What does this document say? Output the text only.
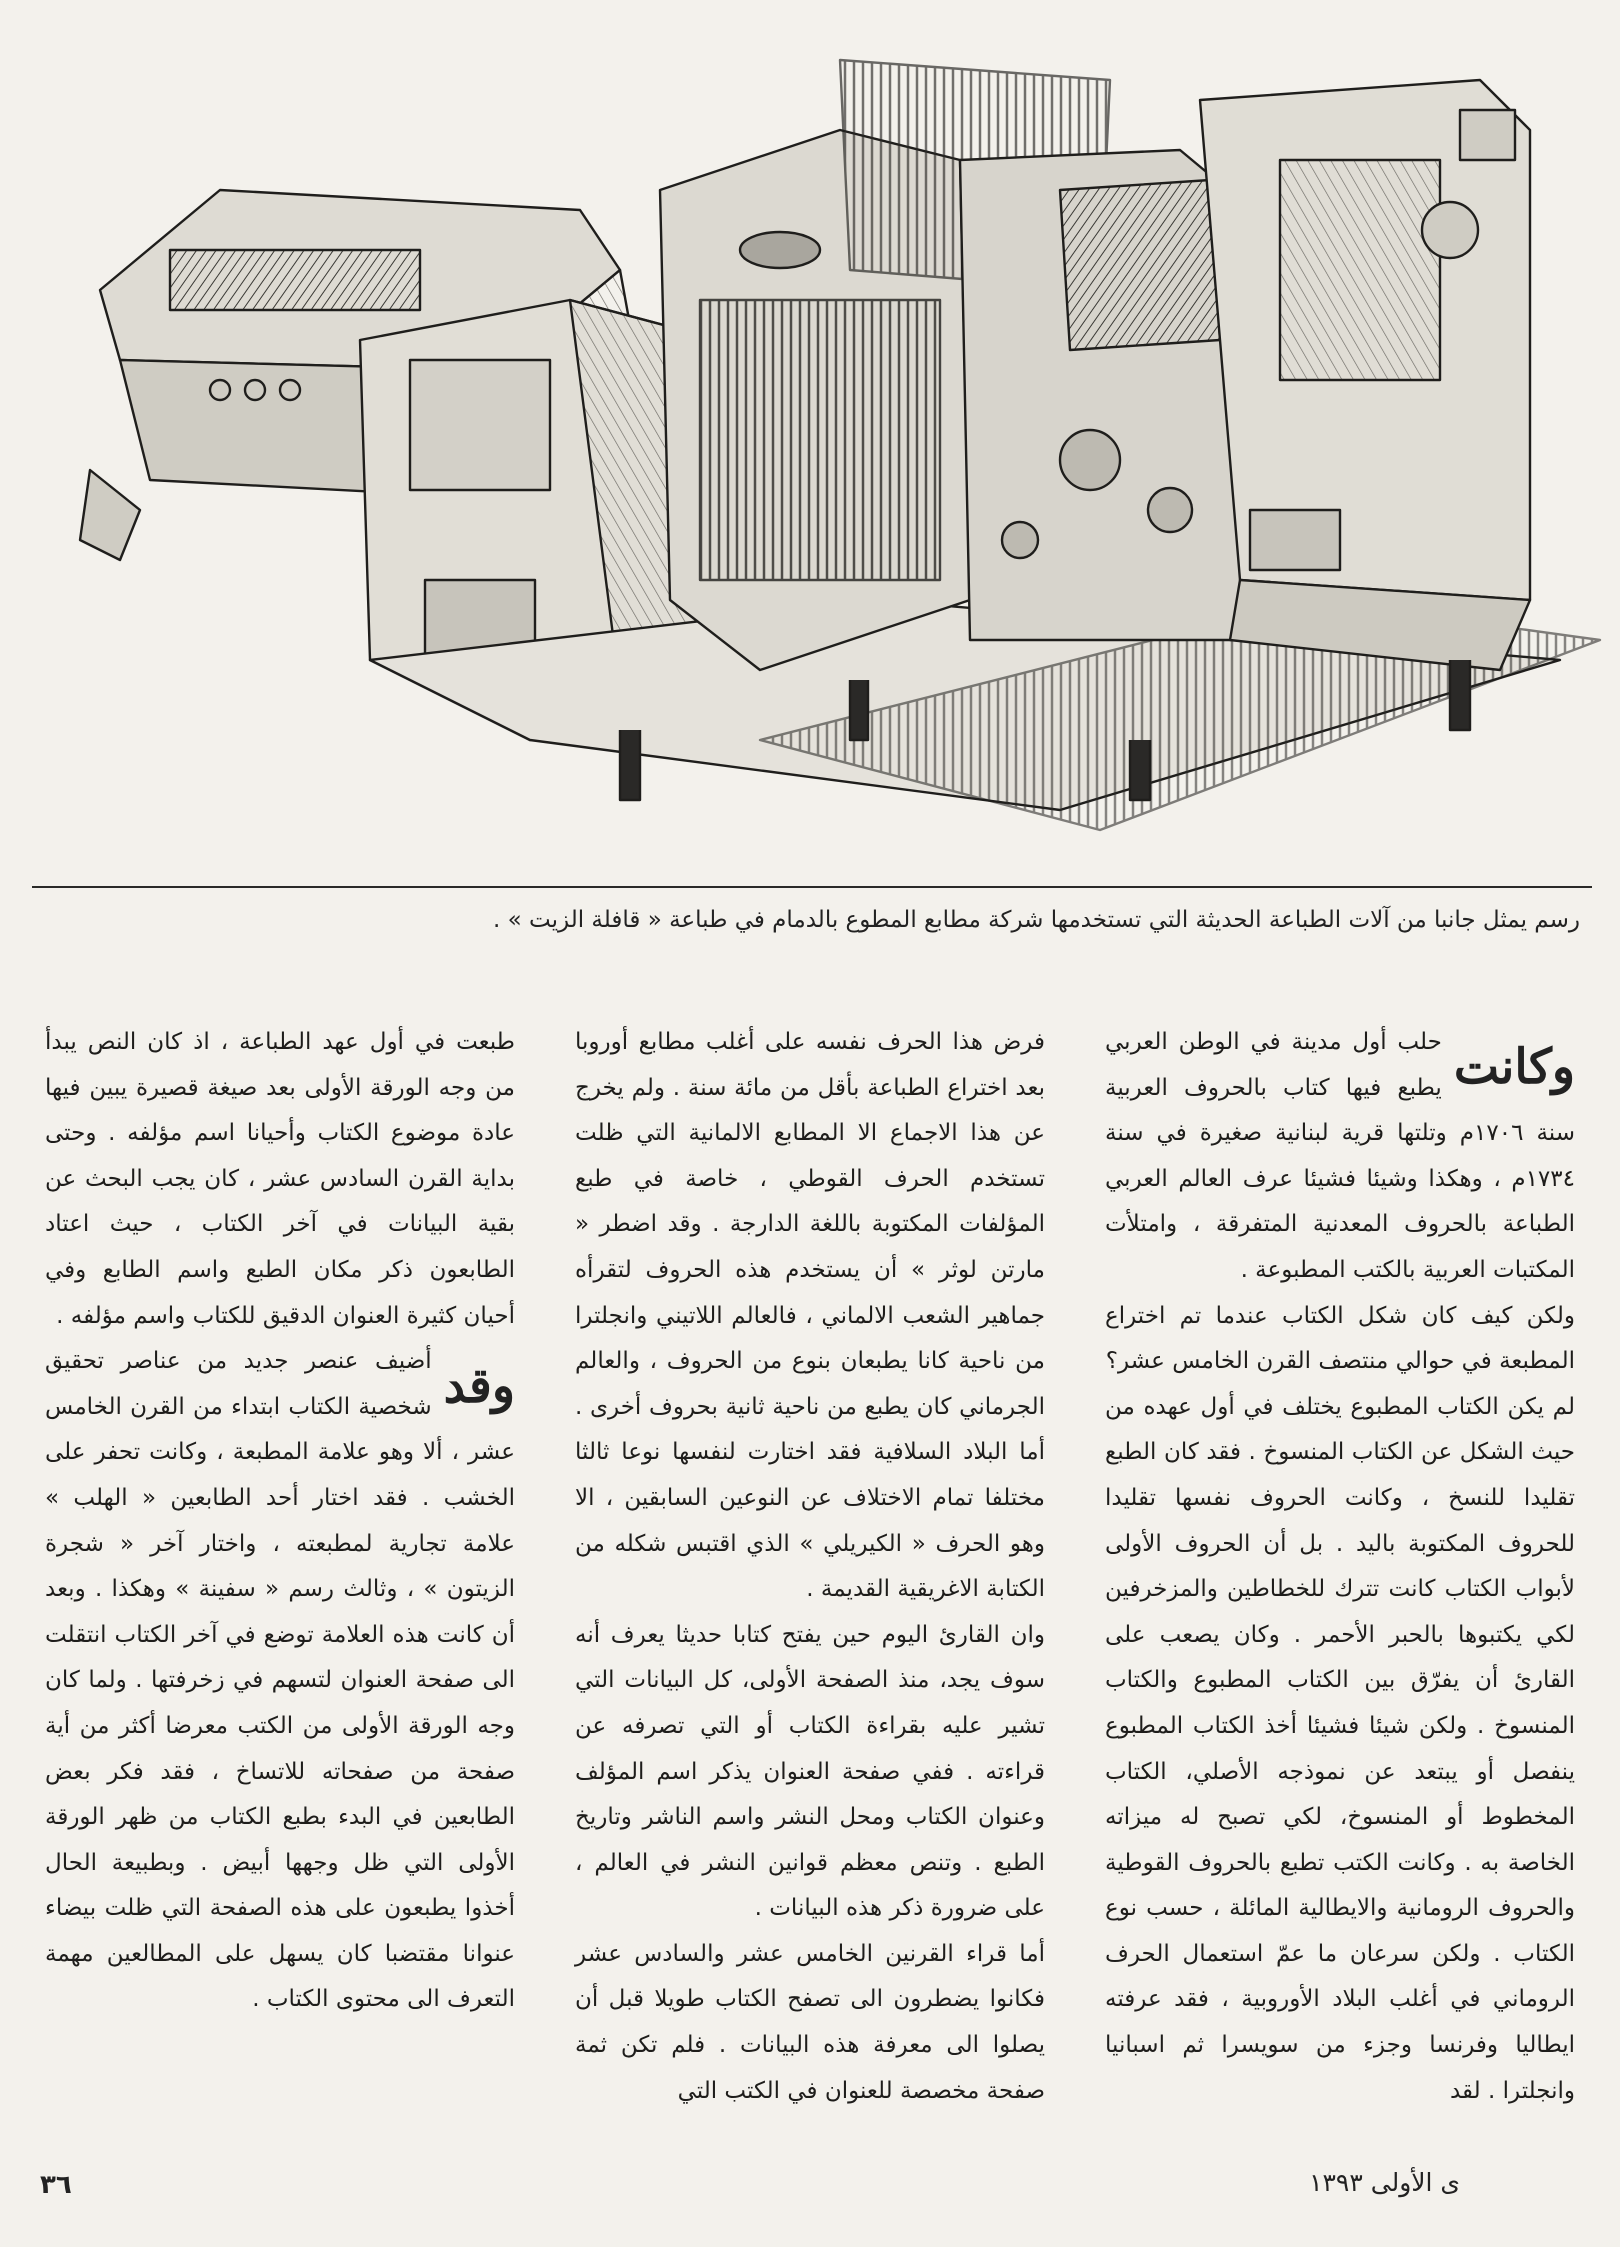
رسم يمثل جانبا من آلات الطباعة الحديثة التي تستخدمها شركة مطابع المطوع بالدمام في طباعة « قافلة الزيت » .

وكانت
حلب أول مدينة في الوطن العربي يطبع فيها كتاب بالحروف العربية سنة ١٧٠٦م وتلتها قرية لبنانية صغيرة في سنة ١٧٣٤م ، وهكذا وشيئا فشيئا عرف العالم العربي الطباعة بالحروف المعدنية المتفرقة ، وامتلأت المكتبات العربية بالكتب المطبوعة .

ولكن كيف كان شكل الكتاب عندما تم اختراع المطبعة في حوالي منتصف القرن الخامس عشر؟

لم يكن الكتاب المطبوع يختلف في أول عهده من حيث الشكل عن الكتاب المنسوخ . فقد كان الطبع تقليدا للنسخ ، وكانت الحروف نفسها تقليدا للحروف المكتوبة باليد . بل أن الحروف الأولى لأبواب الكتاب كانت تترك للخطاطين والمزخرفين لكي يكتبوها بالحبر الأحمر . وكان يصعب على القارئ أن يفرّق بين الكتاب المطبوع والكتاب المنسوخ . ولكن شيئا فشيئا أخذ الكتاب المطبوع ينفصل أو يبتعد عن نموذجه الأصلي، الكتاب المخطوط أو المنسوخ، لكي تصبح له ميزاته الخاصة به . وكانت الكتب تطبع بالحروف القوطية والحروف الرومانية والايطالية المائلة ، حسب نوع الكتاب . ولكن سرعان ما عمّ استعمال الحرف الروماني في أغلب البلاد الأوروبية ، فقد عرفته ايطاليا وفرنسا وجزء من سويسرا ثم اسبانيا وانجلترا . لقد

فرض هذا الحرف نفسه على أغلب مطابع أوروبا بعد اختراع الطباعة بأقل من مائة سنة . ولم يخرج عن هذا الاجماع الا المطابع الالمانية التي ظلت تستخدم الحرف القوطي ، خاصة في طبع المؤلفات المكتوبة باللغة الدارجة . وقد اضطر « مارتن لوثر » أن يستخدم هذه الحروف لتقرأه جماهير الشعب الالماني ، فالعالم اللاتيني وانجلترا من ناحية كانا يطبعان بنوع من الحروف ، والعالم الجرماني كان يطبع من ناحية ثانية بحروف أخرى . أما البلاد السلافية فقد اختارت لنفسها نوعا ثالثا مختلفا تمام الاختلاف عن النوعين السابقين ، الا وهو الحرف « الكيريلي » الذي اقتبس شكله من الكتابة الاغريقية القديمة .

وان القارئ اليوم حين يفتح كتابا حديثا يعرف أنه سوف يجد، منذ الصفحة الأولى، كل البيانات التي تشير عليه بقراءة الكتاب أو التي تصرفه عن قراءته . ففي صفحة العنوان يذكر اسم المؤلف وعنوان الكتاب ومحل النشر واسم الناشر وتاريخ الطبع . وتنص معظم قوانين النشر في العالم ، على ضرورة ذكر هذه البيانات .

أما قراء القرنين الخامس عشر والسادس عشر فكانوا يضطرون الى تصفح الكتاب طويلا قبل أن يصلوا الى معرفة هذه البيانات . فلم تكن ثمة صفحة مخصصة للعنوان في الكتب التي

طبعت في أول عهد الطباعة ، اذ كان النص يبدأ من وجه الورقة الأولى بعد صيغة قصيرة يبين فيها عادة موضوع الكتاب وأحيانا اسم مؤلفه . وحتى بداية القرن السادس عشر ، كان يجب البحث عن بقية البيانات في آخر الكتاب ، حيث اعتاد الطابعون ذكر مكان الطبع واسم الطابع وفي أحيان كثيرة العنوان الدقيق للكتاب واسم مؤلفه .

وقد
أضيف عنصر جديد من عناصر تحقيق شخصية الكتاب ابتداء من القرن الخامس عشر ، ألا وهو علامة المطبعة ، وكانت تحفر على الخشب . فقد اختار أحد الطابعين « الهلب » علامة تجارية لمطبعته ، واختار آخر « شجرة الزيتون » ، وثالث رسم « سفينة » وهكذا . وبعد أن كانت هذه العلامة توضع في آخر الكتاب انتقلت الى صفحة العنوان لتسهم في زخرفتها . ولما كان وجه الورقة الأولى من الكتب معرضا أكثر من أية صفحة من صفحاته للاتساخ ، فقد فكر بعض الطابعين في البدء بطبع الكتاب من ظهر الورقة الأولى التي ظل وجهها أبيض . وبطبيعة الحال أخذوا يطبعون على هذه الصفحة التي ظلت بيضاء عنوانا مقتضبا كان يسهل على المطالعين مهمة التعرف الى محتوى الكتاب .

٣٦	ى الأولى ١٣٩٣
